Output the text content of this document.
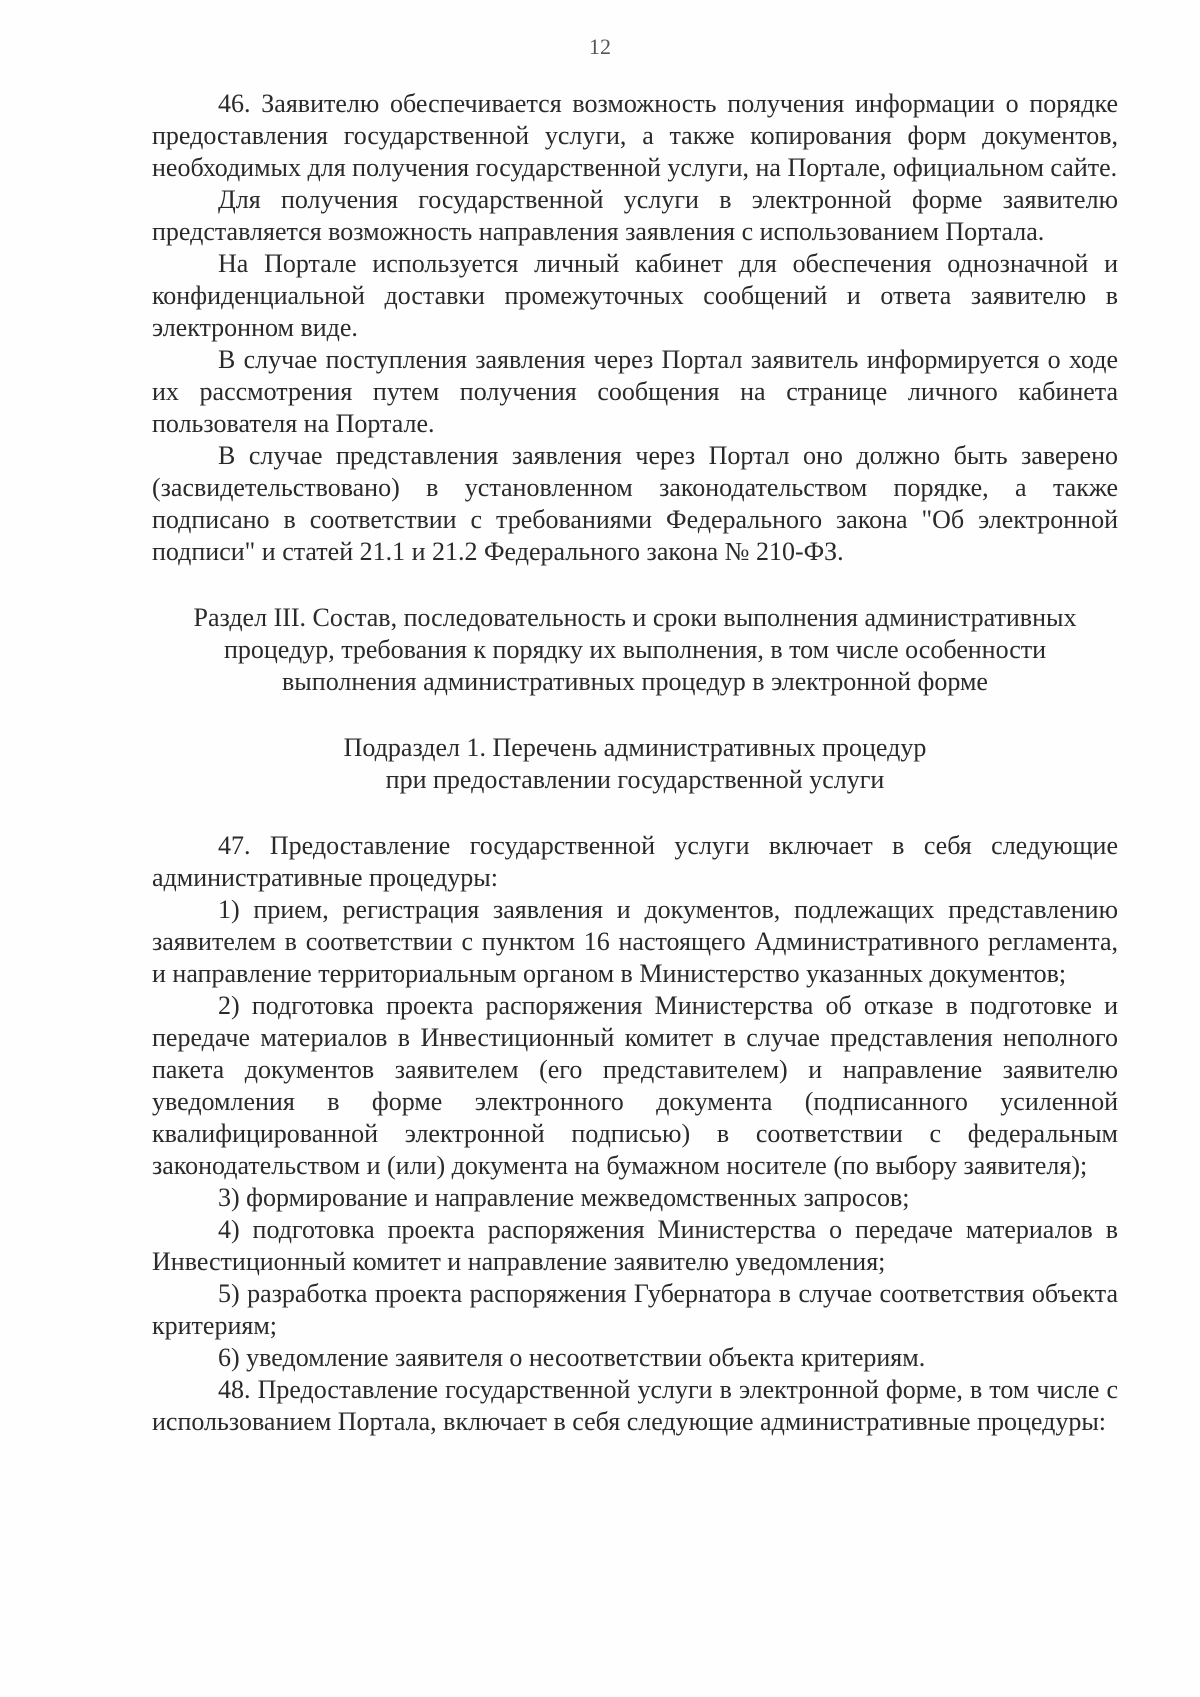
12

46. Заявителю обеспечивается возможность получения информации о порядке предоставления государственной услуги, а также копирования форм документов, необходимых для получения государственной услуги, на Портале, официальном сайте.

Для получения государственной услуги в электронной форме заявителю представляется возможность направления заявления с использованием Портала.

На Портале используется личный кабинет для обеспечения однозначной и конфиденциальной доставки промежуточных сообщений и ответа заявителю в электронном виде.

В случае поступления заявления через Портал заявитель информируется о ходе их рассмотрения путем получения сообщения на странице личного кабинета пользователя на Портале.

В случае представления заявления через Портал оно должно быть заверено (засвидетельствовано) в установленном законодательством порядке, а также подписано в соответствии с требованиями Федерального закона "Об электронной подписи" и статей 21.1 и 21.2 Федерального закона № 210-ФЗ.

Раздел III. Состав, последовательность и сроки выполнения административных
процедур, требования к порядку их выполнения, в том числе особенности
выполнения административных процедур в электронной форме
Подраздел 1. Перечень административных процедур
при предоставлении государственной услуги

47. Предоставление государственной услуги включает в себя следующие административные процедуры:

1) прием, регистрация заявления и документов, подлежащих представлению заявителем в соответствии с пунктом 16 настоящего Административного регламента, и направление территориальным органом в Министерство указанных документов;

2) подготовка проекта распоряжения Министерства об отказе в подготовке и передаче материалов в Инвестиционный комитет в случае представления неполного пакета документов заявителем (его представителем) и направление заявителю уведомления в форме электронного документа (подписанного усиленной квалифицированной электронной подписью) в соответствии с федеральным законодательством и (или) документа на бумажном носителе (по выбору заявителя);

3) формирование и направление межведомственных запросов;

4) подготовка проекта распоряжения Министерства о передаче материалов в Инвестиционный комитет и направление заявителю уведомления;

5) разработка проекта распоряжения Губернатора в случае соответствия объекта критериям;

6) уведомление заявителя о несоответствии объекта критериям.

48. Предоставление государственной услуги в электронной форме, в том числе с использованием Портала, включает в себя следующие административные процедуры:
